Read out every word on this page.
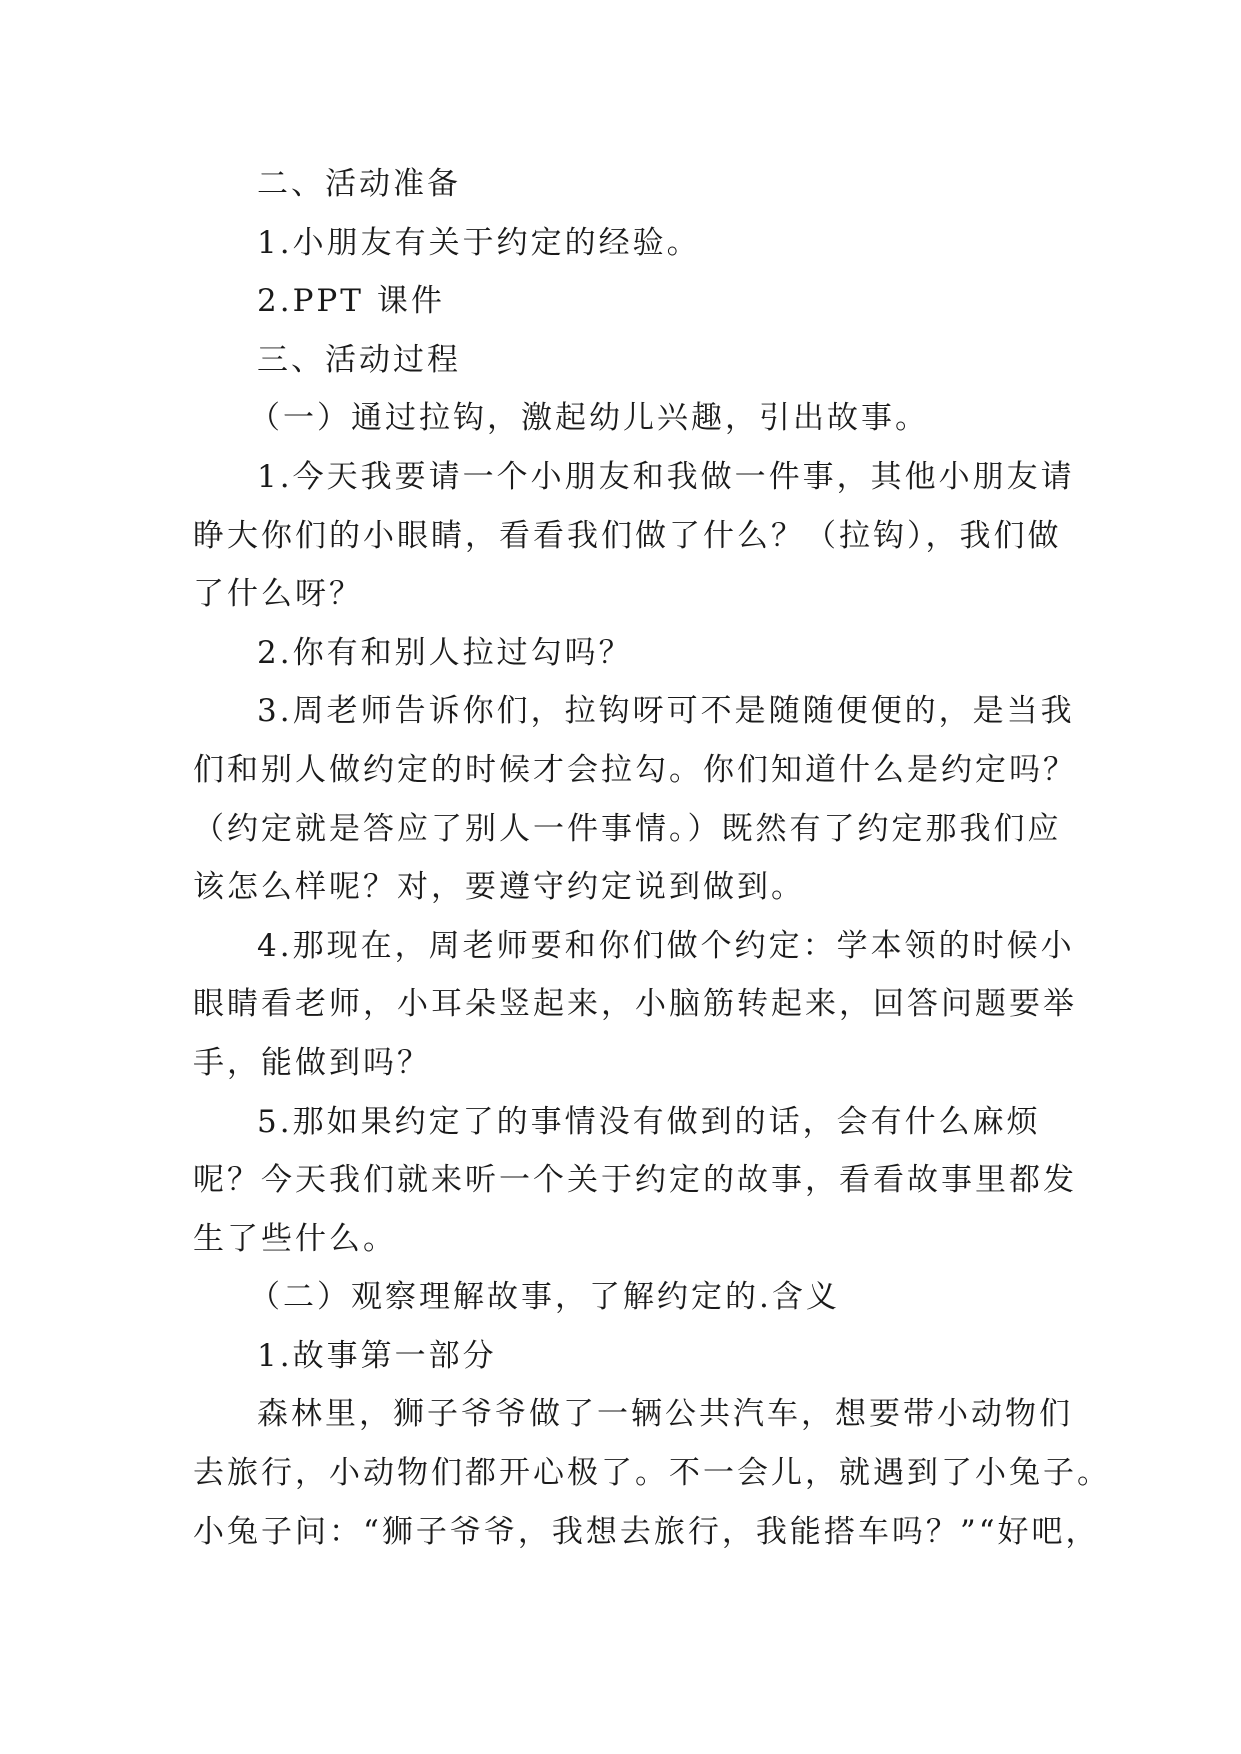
二、活动准备

1.小朋友有关于约定的经验。

2.PPT 课件

三、活动过程

（一）通过拉钩，激起幼儿兴趣，引出故事。

1.今天我要请一个小朋友和我做一件事，其他小朋友请

睁大你们的小眼睛，看看我们做了什么？（拉钩），我们做

了什么呀？

2.你有和别人拉过勾吗？

3.周老师告诉你们，拉钩呀可不是随随便便的，是当我

们和别人做约定的时候才会拉勾。你们知道什么是约定吗？

（约定就是答应了别人一件事情。）既然有了约定那我们应

该怎么样呢？对，要遵守约定说到做到。

4.那现在，周老师要和你们做个约定：学本领的时候小

眼睛看老师，小耳朵竖起来，小脑筋转起来，回答问题要举

手，能做到吗？

5.那如果约定了的事情没有做到的话，会有什么麻烦

呢？今天我们就来听一个关于约定的故事，看看故事里都发

生了些什么。

（二）观察理解故事，了解约定的.含义

1.故事第一部分

森林里，狮子爷爷做了一辆公共汽车，想要带小动物们

去旅行，小动物们都开心极了。不一会儿，就遇到了小兔子。

小兔子问：“狮子爷爷，我想去旅行，我能搭车吗？”“好吧，
